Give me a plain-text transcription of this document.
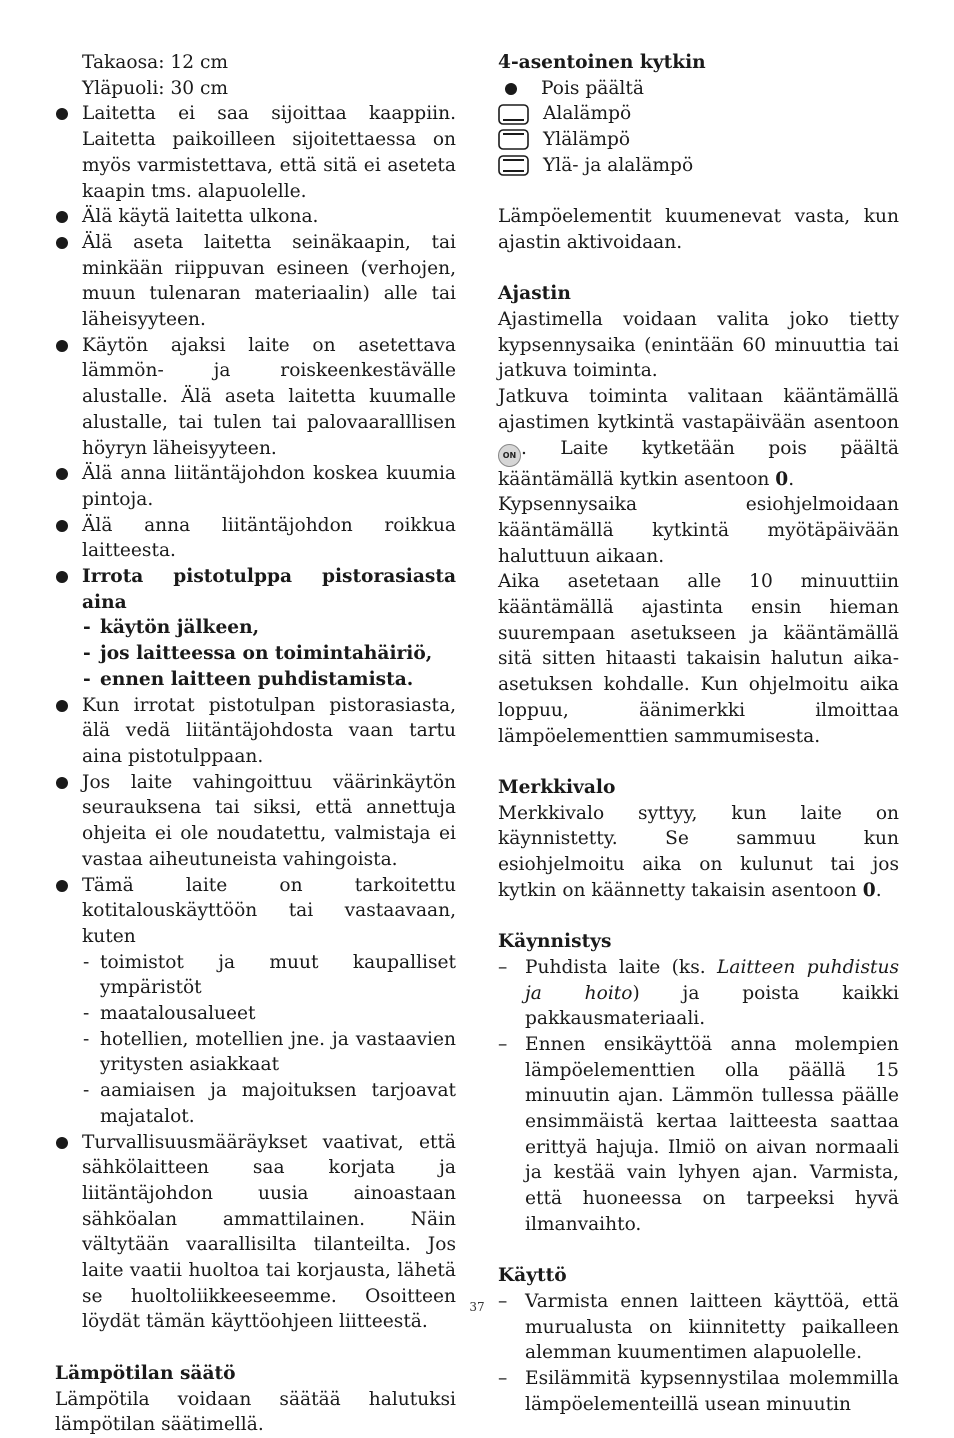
Takaosa: 12 cm

Yläpuoli: 30 cm

Laitetta ei saa sijoittaa kaappiin. Laitetta paikoilleen sijoitettaessa on myös varmistettava, että sitä ei aseteta kaapin tms. alapuolelle.

Älä käytä laitetta ulkona.

Älä aseta laitetta seinäkaapin, tai minkään riippuvan esineen (verhojen, muun tulenaran materiaalin) alle tai läheisyyteen.

Käytön ajaksi laite on asetettava lämmön- ja roiskeenkestävälle alustalle. Älä aseta laitetta kuumalle alustalle, tai tulen tai palovaaralllisen höyryn läheisyyteen.

Älä anna liitäntäjohdon koskea kuumia pintoja.

Älä anna liitäntäjohdon roikkua laitteesta.

Irrota pistotulppa pistorasiasta aina

- käytön jälkeen,

- jos laitteessa on toimintahäiriö,

- ennen laitteen puhdistamista.

Kun irrotat pistotulpan pistorasiasta, älä vedä liitäntäjohdosta vaan tartu aina pistotulppaan.

Jos laite vahingoittuu väärinkäytön seurauksena tai siksi, että annettuja ohjeita ei ole noudatettu, valmistaja ei vastaa aiheutuneista vahingoista.

Tämä laite on tarkoitettu kotitalouskäyttöön tai vastaavaan, kuten

- toimistot ja muut kaupalliset ympäristöt

- maatalousalueet

- hotellien, motellien jne. ja vastaavien yritysten asiakkaat

- aamiaisen ja majoituksen tarjoavat majatalot.

Turvallisuusmääräykset vaativat, että sähkölaitteen saa korjata ja liitäntäjohdon uusia ainoastaan sähköalan ammattilainen. Näin vältytään vaarallisilta tilanteilta. Jos laite vaatii huoltoa tai korjausta, lähetä se huoltoliikkeeseemme. Osoitteen löydät tämän käyttöohjeen liitteestä.

Lämpötilan säätö

Lämpötila voidaan säätää halutuksi lämpötilan säätimellä.

4-asentoinen kytkin

Pois päältä
Alalämpö
Ylälämpö
Ylä- ja alalämpö

Lämpöelementit kuumenevat vasta, kun ajastin aktivoidaan.

Ajastin

Ajastimella voidaan valita joko tietty kypsennysaika (enintään 60 minuuttia tai jatkuva toiminta.

Jatkuva toiminta valitaan kääntämällä ajastimen kytkintä vastapäivään asentoon ON . Laite kytketään pois päältä kääntämällä kytkin asentoon 0.

Kypsennysaika esiohjelmoidaan kääntämällä kytkintä myötäpäivään haluttuun aikaan.

Aika asetetaan alle 10 minuuttiin kääntämällä ajastinta ensin hieman suurempaan asetukseen ja kääntämällä sitä sitten hitaasti takaisin halutun aika-asetuksen kohdalle. Kun ohjelmoitu aika loppuu, äänimerkki ilmoittaa lämpöelementtien sammumisesta.

Merkkivalo

Merkkivalo syttyy, kun laite on käynnistetty. Se sammuu kun esiohjelmoitu aika on kulunut tai jos kytkin on käännetty takaisin asentoon 0.

Käynnistys

– Puhdista laite (ks. Laitteen puhdistus ja hoito) ja poista kaikki pakkausmateriaali.

– Ennen ensikäyttöä anna molempien lämpöelementtien olla päällä 15 minuutin ajan. Lämmön tullessa päälle ensimmäistä kertaa laitteesta saattaa erittyä hajuja. Ilmiö on aivan normaali ja kestää vain lyhyen ajan. Varmista, että huoneessa on tarpeeksi hyvä ilmanvaihto.

Käyttö

– Varmista ennen laitteen käyttöä, että murualusta on kiinnitetty paikalleen alemman kuumentimen alapuolelle.

– Esilämmitä kypsennystilaa molemmilla lämpöelementeillä usean minuutin

37
